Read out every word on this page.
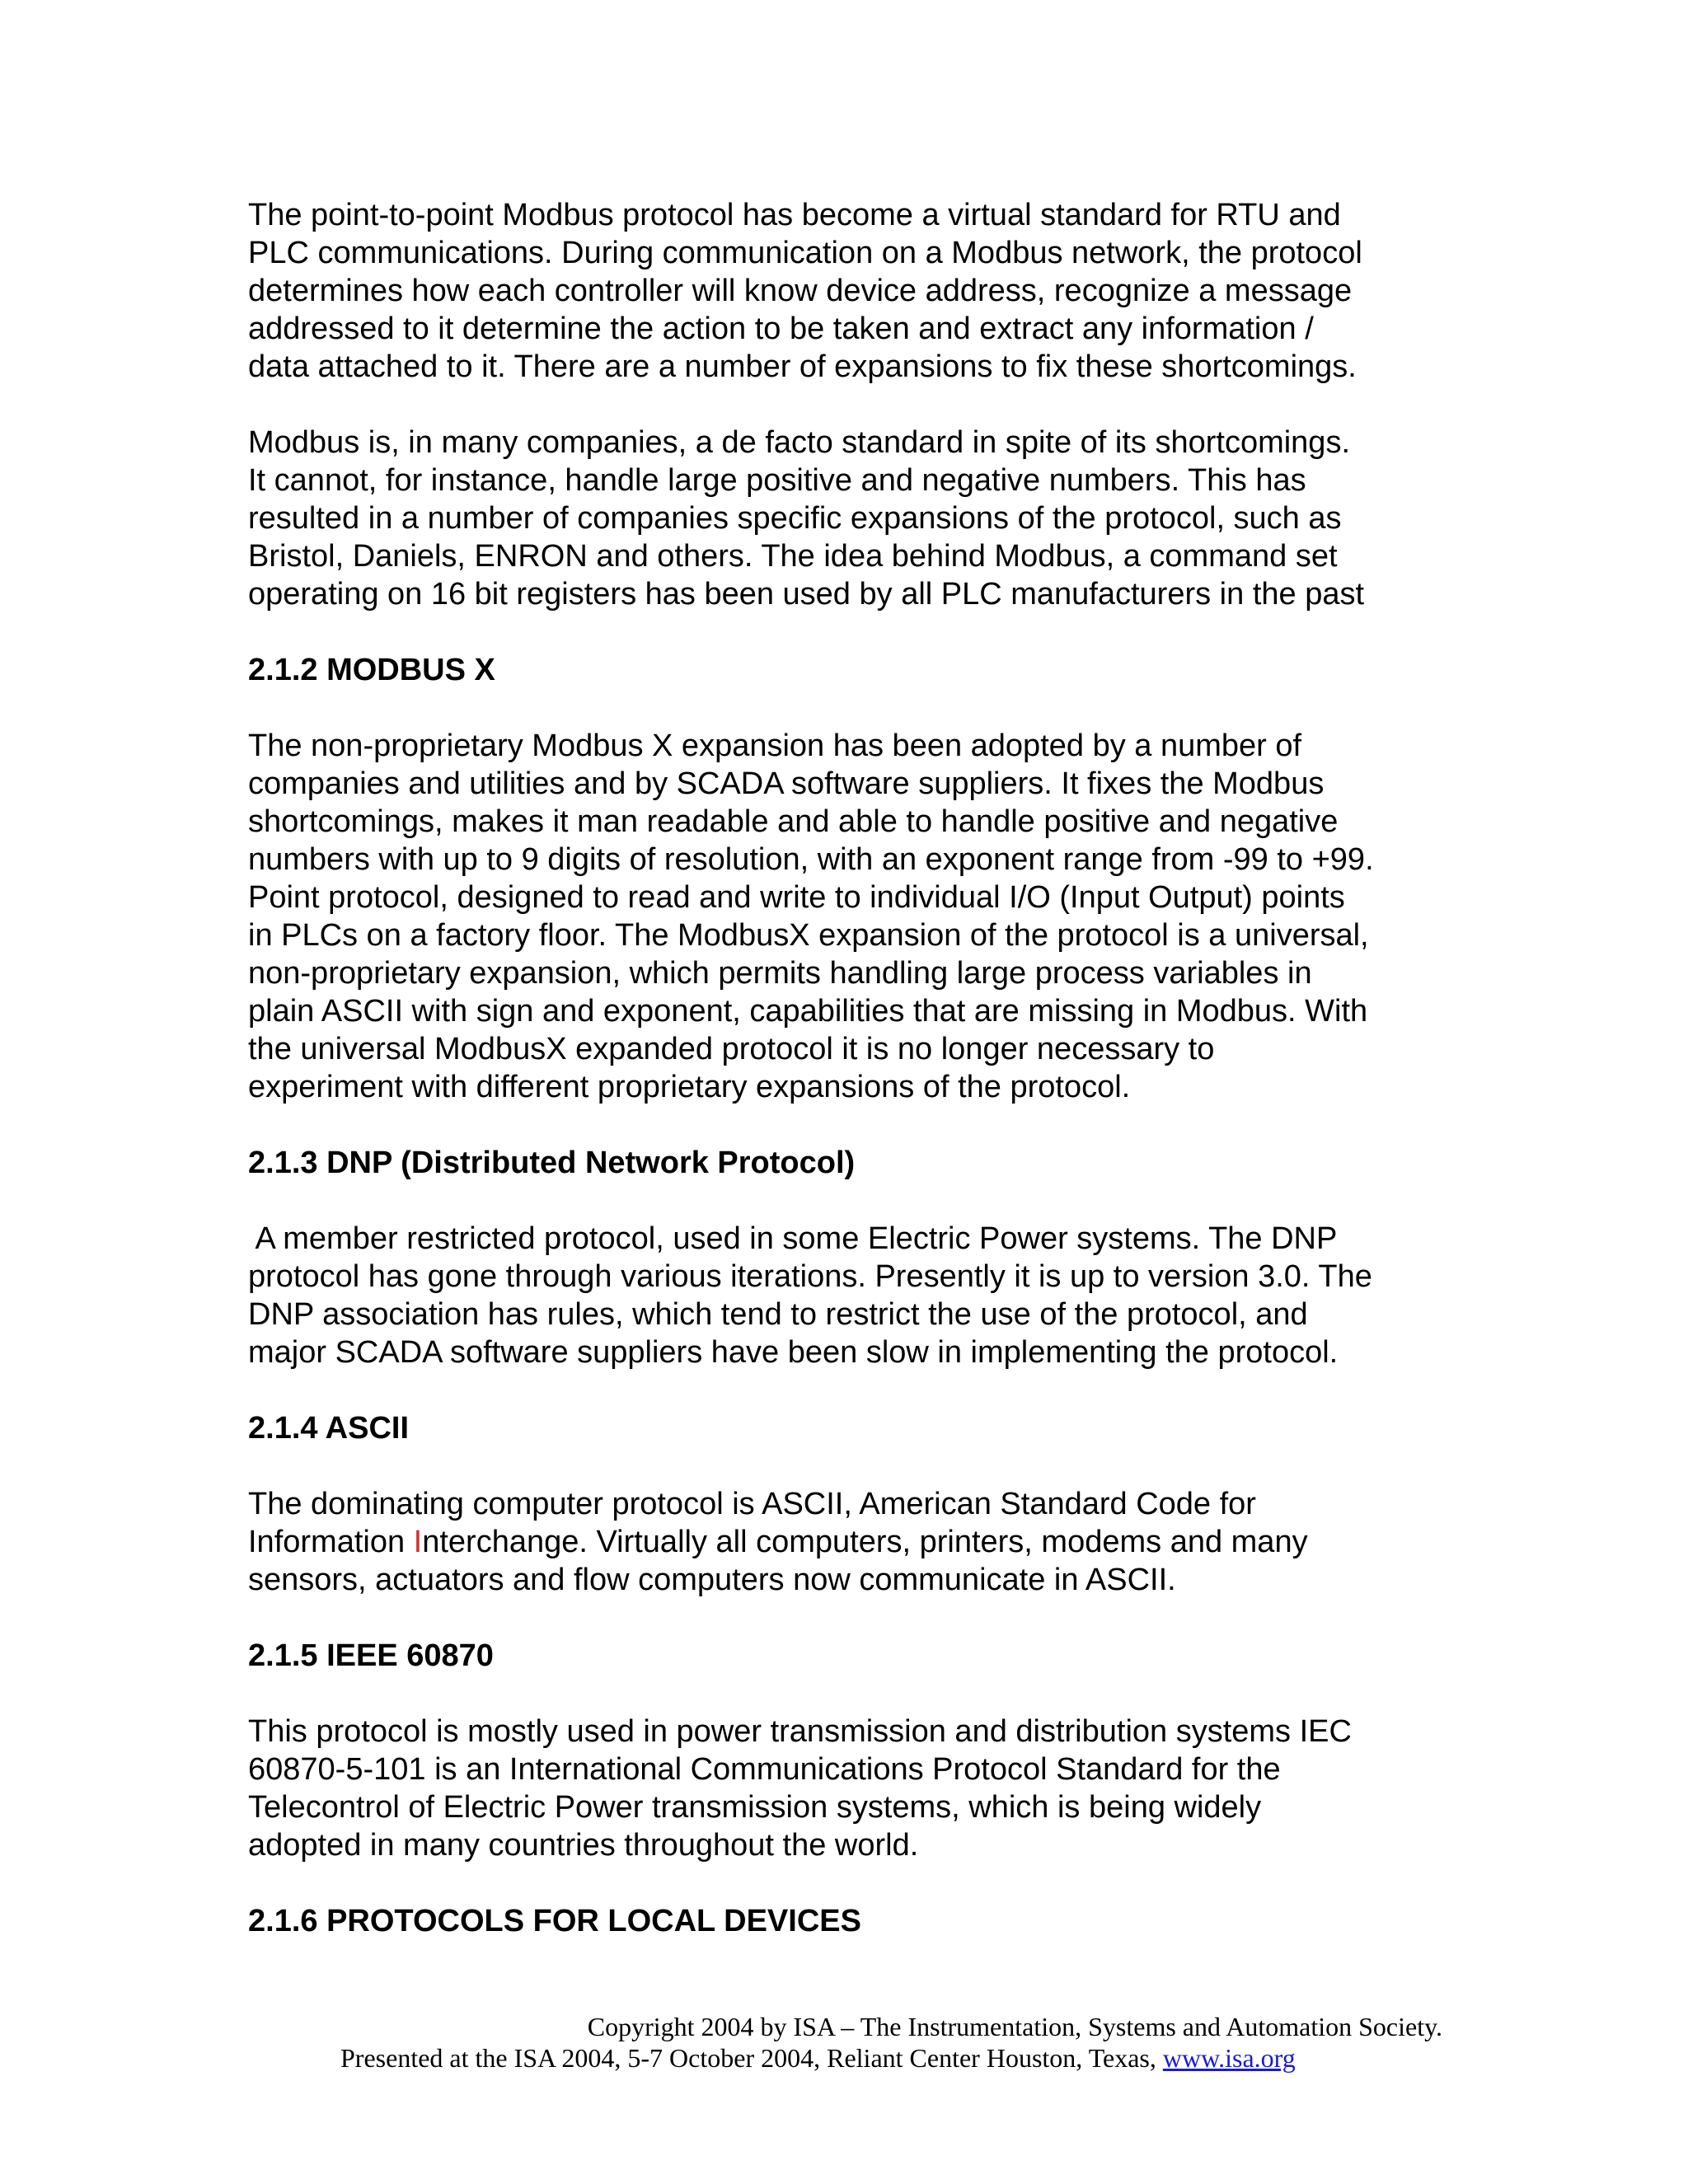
The point-to-point Modbus protocol has become a virtual standard for RTU and
PLC communications. During communication on a Modbus network, the protocol
determines how each controller will know device address, recognize a message
addressed to it determine the action to be taken and extract any information /
data attached to it. There are a number of expansions to fix these shortcomings.

Modbus is, in many companies, a de facto standard in spite of its shortcomings.
It cannot, for instance, handle large positive and negative numbers. This has
resulted in a number of companies specific expansions of the protocol, such as
Bristol, Daniels, ENRON and others. The idea behind Modbus, a command set
operating on 16 bit registers has been used by all PLC manufacturers in the past

2.1.2 MODBUS X

The non-proprietary Modbus X expansion has been adopted by a number of
companies and utilities and by SCADA software suppliers. It fixes the Modbus
shortcomings, makes it man readable and able to handle positive and negative
numbers with up to 9 digits of resolution, with an exponent range from -99 to +99.
Point protocol, designed to read and write to individual I/O (Input Output) points
in PLCs on a factory floor. The ModbusX expansion of the protocol is a universal,
non-proprietary expansion, which permits handling large process variables in
plain ASCII with sign and exponent, capabilities that are missing in Modbus. With
the universal ModbusX expanded protocol it is no longer necessary to
experiment with different proprietary expansions of the protocol.

2.1.3 DNP (Distributed Network Protocol)

A member restricted protocol, used in some Electric Power systems. The DNP
protocol has gone through various iterations. Presently it is up to version 3.0. The
DNP association has rules, which tend to restrict the use of the protocol, and
major SCADA software suppliers have been slow in implementing the protocol.

2.1.4 ASCII

The dominating computer protocol is ASCII, American Standard Code for
Information Interchange. Virtually all computers, printers, modems and many
sensors, actuators and flow computers now communicate in ASCII.

2.1.5 IEEE 60870

This protocol is mostly used in power transmission and distribution systems IEC
60870-5-101 is an International Communications Protocol Standard for the
Telecontrol of Electric Power transmission systems, which is being widely
adopted in many countries throughout the world.

2.1.6 PROTOCOLS FOR LOCAL DEVICES
Copyright 2004 by ISA – The Instrumentation, Systems and Automation Society.
Presented at the ISA 2004, 5-7 October 2004, Reliant Center Houston, Texas, www.isa.org
